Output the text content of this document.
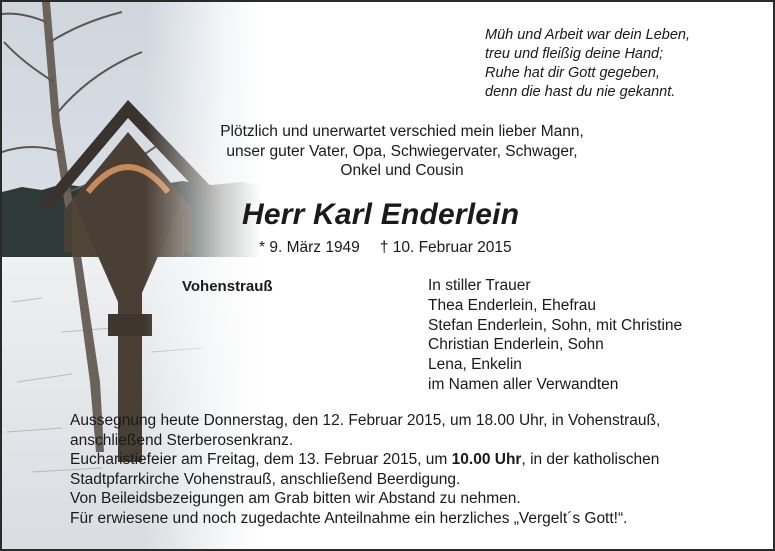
Müh und Arbeit war dein Leben,
treu und fleißig deine Hand;
Ruhe hat dir Gott gegeben,
denn die hast du nie gekannt.
Plötzlich und unerwartet verschied mein lieber Mann,
unser guter Vater, Opa, Schwiegervater, Schwager,
Onkel und Cousin
Herr Karl Enderlein
* 9. März 1949 † 10. Februar 2015
Vohenstrauß	In stiller Trauer
Thea Enderlein, Ehefrau
Stefan Enderlein, Sohn, mit Christine
Christian Enderlein, Sohn
Lena, Enkelin
im Namen aller Verwandten
Aussegnung heute Donnerstag, den 12. Februar 2015, um 18.00 Uhr, in Vohenstrauß,
anschließend Sterberosenkranz.
Eucharistiefeier am Freitag, dem 13. Februar 2015, um 10.00 Uhr, in der katholischen
Stadtpfarrkirche Vohenstrauß, anschließend Beerdigung.
Von Beileidsbezeigungen am Grab bitten wir Abstand zu nehmen.
Für erwiesene und noch zugedachte Anteilnahme ein herzliches „Vergelt´s Gott!“.
